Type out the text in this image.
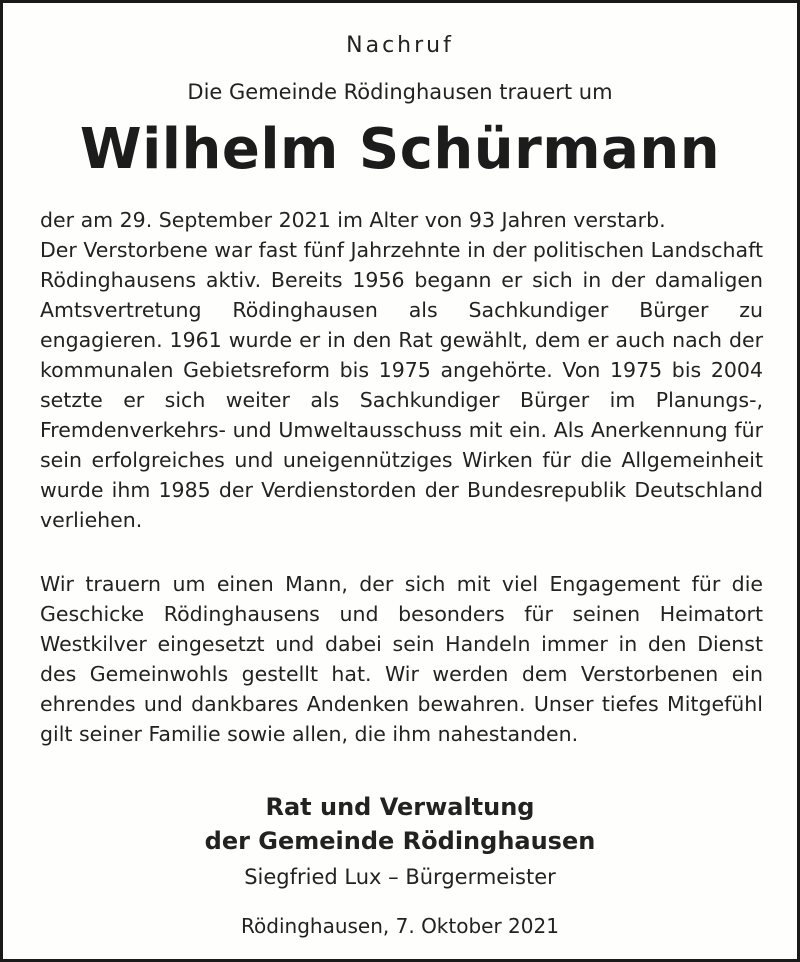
Nachruf
Die Gemeinde Rödinghausen trauert um
Wilhelm Schürmann

der am 29. September 2021 im Alter von 93 Jahren verstarb.

Der Verstorbene war fast fünf Jahrzehnte in der politischen Landschaft Rödinghausens aktiv. Bereits 1956 begann er sich in der damaligen Amtsvertretung Rödinghausen als Sachkundiger Bürger zu engagieren. 1961 wurde er in den Rat gewählt, dem er auch nach der kommunalen Gebietsreform bis 1975 angehörte. Von 1975 bis 2004 setzte er sich weiter als Sachkundiger Bürger im Planungs-, Fremdenverkehrs- und Umweltausschuss mit ein. Als Anerkennung für sein erfolgreiches und uneigennütziges Wirken für die Allgemeinheit wurde ihm 1985 der Verdienstorden der Bundesrepublik Deutschland verliehen.

Wir trauern um einen Mann, der sich mit viel Engagement für die Geschicke Rödinghausens und besonders für seinen Heimatort Westkilver eingesetzt und dabei sein Handeln immer in den Dienst des Gemeinwohls gestellt hat. Wir werden dem Verstorbenen ein ehrendes und dankbares Andenken bewahren. Unser tiefes Mitgefühl gilt seiner Familie sowie allen, die ihm nahestanden.

Rat und Verwaltung
der Gemeinde Rödinghausen
Siegfried Lux – Bürgermeister
Rödinghausen, 7. Oktober 2021
